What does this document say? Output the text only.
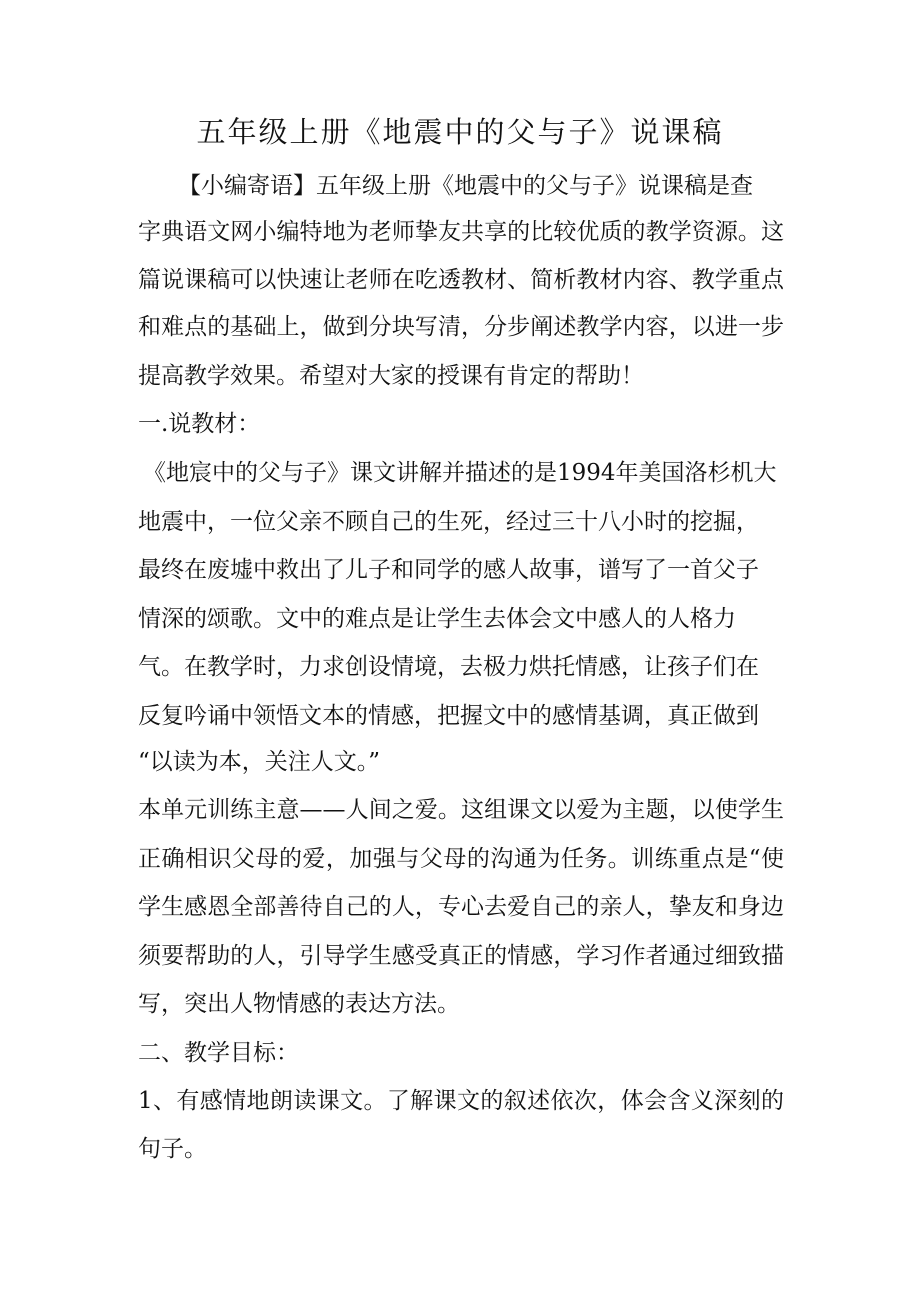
五年级上册《地震中的父与子》说课稿
【小编寄语】五年级上册《地震中的父与子》说课稿是查
字典语文网小编特地为老师挚友共享的比较优质的教学资源。这
篇说课稿可以快速让老师在吃透教材、简析教材内容、教学重点
和难点的基础上，做到分块写清，分步阐述教学内容，以进一步
提高教学效果。希望对大家的授课有肯定的帮助！
一.说教材：
《地宸中的父与子》课文讲解并描述的是1994年美国洛杉机大
地震中，一位父亲不顾自己的生死，经过三十八小时的挖掘，
最终在废墟中救出了儿子和同学的感人故事，谱写了一首父子
情深的颂歌。文中的难点是让学生去体会文中感人的人格力
气。在教学时，力求创设情境，去极力烘托情感，让孩子们在
反复吟诵中领悟文本的情感，把握文中的感情基调，真正做到
“以读为本，关注人文。”
本单元训练主意——人间之爱。这组课文以爱为主题，以使学生
正确相识父母的爱，加强与父母的沟通为任务。训练重点是“使
学生感恩全部善待自己的人，专心去爱自己的亲人，挚友和身边
须要帮助的人，引导学生感受真正的情感，学习作者通过细致描
写，突出人物情感的表达方法。
二、教学目标：
1、有感情地朗读课文。了解课文的叙述依次，体会含义深刻的
句子。
